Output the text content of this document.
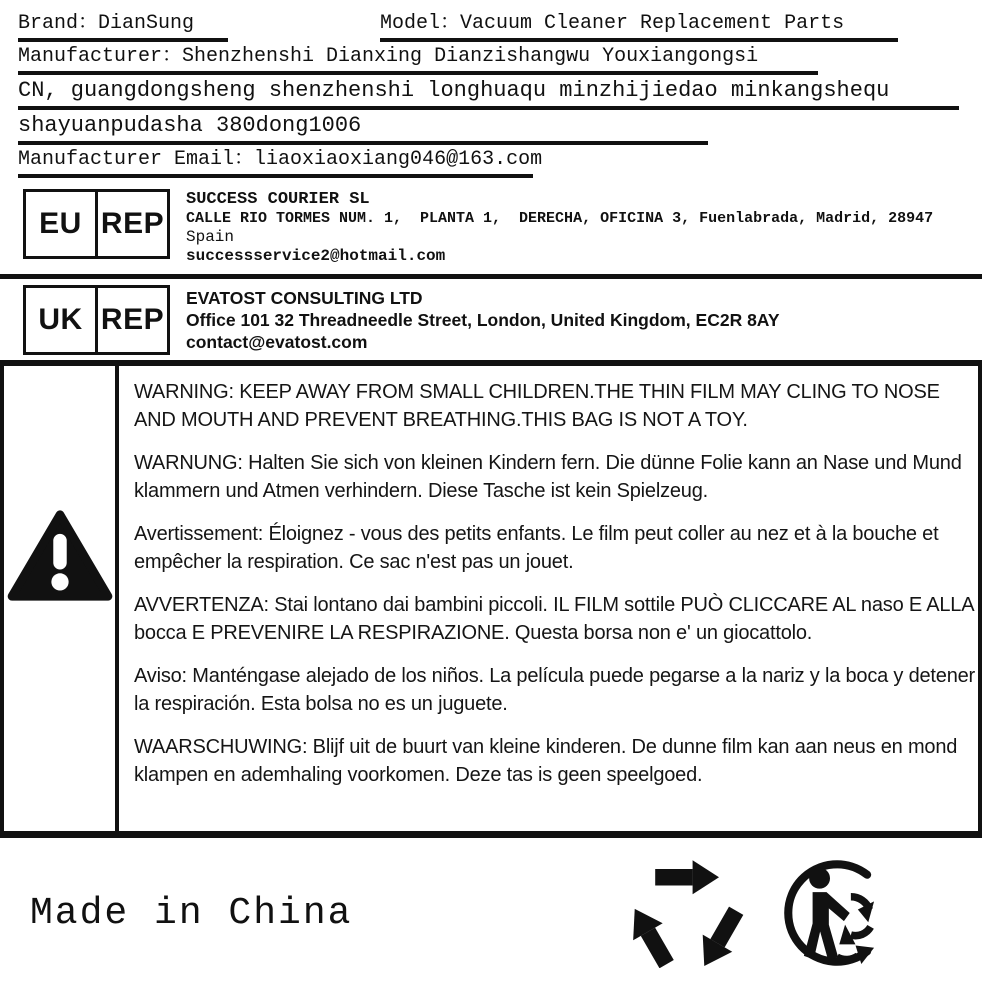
Brand：DianSung	Model：Vacuum Cleaner Replacement Parts
Manufacturer：Shenzhenshi Dianxing Dianzishangwu Youxiangongsi
CN, guangdongsheng shenzhenshi longhuaqu minzhijiedao minkangshequ
shayuanpudasha 380dong1006
Manufacturer Email：liaoxiaoxiang046@163.com
EU REP
SUCCESS COURIER SL
CALLE RIO TORMES NUM. 1,  PLANTA 1,  DERECHA, OFICINA 3, Fuenlabrada, Madrid, 28947
Spain
successservice2@hotmail.com
UK REP
EVATOST CONSULTING LTD
Office 101 32 Threadneedle Street, London, United Kingdom, EC2R 8AY
contact@evatost.com

WARNING: KEEP AWAY FROM SMALL CHILDREN.THE THIN FILM MAY CLING TO NOSE AND MOUTH AND PREVENT BREATHING.THIS BAG IS NOT A TOY.

WARNUNG: Halten Sie sich von kleinen Kindern fern. Die dünne Folie kann an Nase und Mund klammern und Atmen verhindern. Diese Tasche ist kein Spielzeug.

Avertissement: Éloignez - vous des petits enfants. Le film peut coller au nez et à la bouche et empêcher la respiration. Ce sac n'est pas un jouet.

AVVERTENZA: Stai lontano dai bambini piccoli. IL FILM sottile PUÒ CLICCARE AL naso E ALLA bocca E PREVENIRE LA RESPIRAZIONE. Questa borsa non e' un giocattolo.

Aviso: Manténgase alejado de los niños. La película puede pegarse a la nariz y la boca y detener la respiración. Esta bolsa no es un juguete.

WAARSCHUWING: Blijf uit de buurt van kleine kinderen. De dunne film kan aan neus en mond klampen en ademhaling voorkomen. Deze tas is geen speelgoed.

Made in China
